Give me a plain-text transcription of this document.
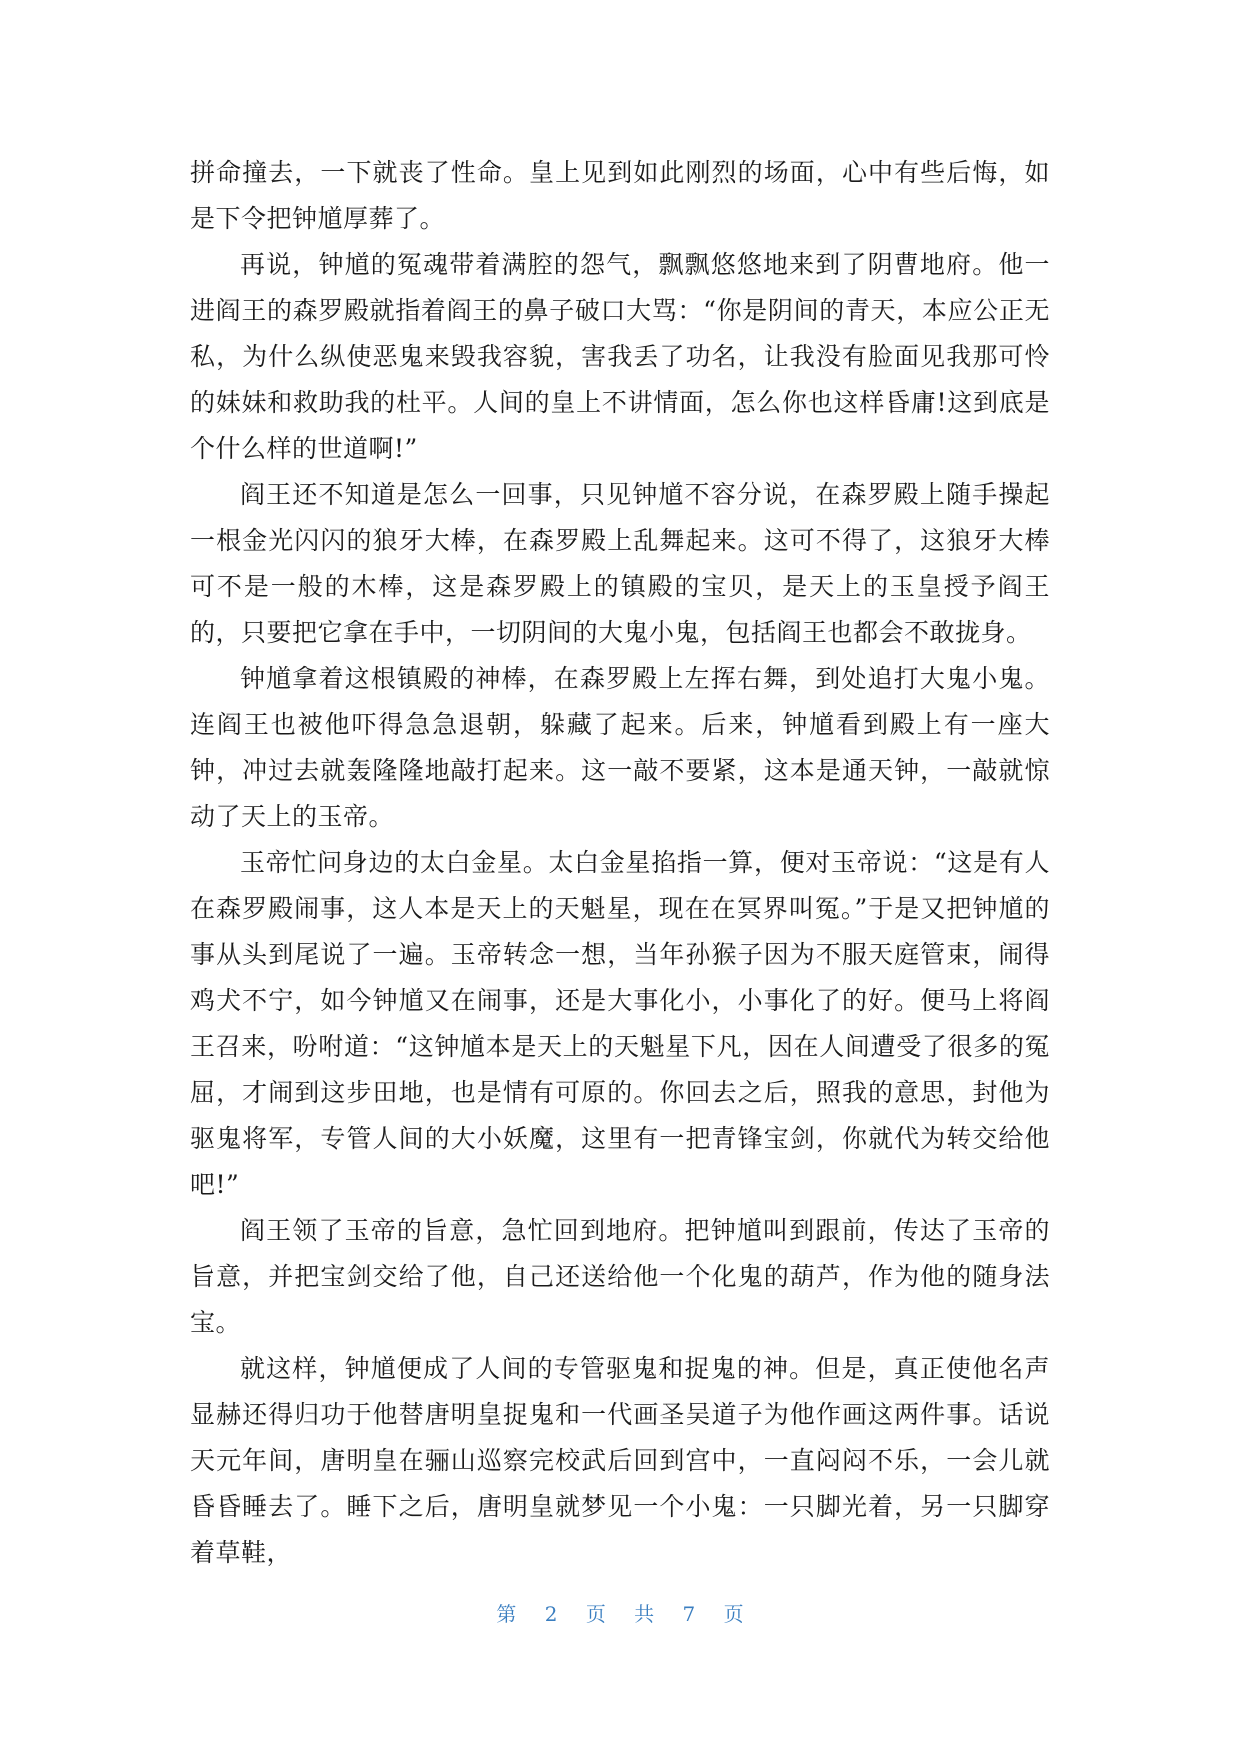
拼命撞去，一下就丧了性命。皇上见到如此刚烈的场面，心中有些后悔，如是下令把钟馗厚葬了。

再说，钟馗的冤魂带着满腔的怨气，飘飘悠悠地来到了阴曹地府。他一进阎王的森罗殿就指着阎王的鼻子破口大骂：“你是阴间的青天，本应公正无私，为什么纵使恶鬼来毁我容貌，害我丢了功名，让我没有脸面见我那可怜的妹妹和救助我的杜平。人间的皇上不讲情面，怎么你也这样昏庸!这到底是个什么样的世道啊!”

阎王还不知道是怎么一回事，只见钟馗不容分说，在森罗殿上随手操起一根金光闪闪的狼牙大棒，在森罗殿上乱舞起来。这可不得了，这狼牙大棒可不是一般的木棒，这是森罗殿上的镇殿的宝贝，是天上的玉皇授予阎王的，只要把它拿在手中，一切阴间的大鬼小鬼，包括阎王也都会不敢拢身。

钟馗拿着这根镇殿的神棒，在森罗殿上左挥右舞，到处追打大鬼小鬼。连阎王也被他吓得急急退朝，躲藏了起来。后来，钟馗看到殿上有一座大钟，冲过去就轰隆隆地敲打起来。这一敲不要紧，这本是通天钟，一敲就惊动了天上的玉帝。

玉帝忙问身边的太白金星。太白金星掐指一算，便对玉帝说：“这是有人在森罗殿闹事，这人本是天上的天魁星，现在在冥界叫冤。”于是又把钟馗的事从头到尾说了一遍。玉帝转念一想，当年孙猴子因为不服天庭管束，闹得鸡犬不宁，如今钟馗又在闹事，还是大事化小，小事化了的好。便马上将阎王召来，吩咐道：“这钟馗本是天上的天魁星下凡，因在人间遭受了很多的冤屈，才闹到这步田地，也是情有可原的。你回去之后，照我的意思，封他为驱鬼将军，专管人间的大小妖魔，这里有一把青锋宝剑，你就代为转交给他吧!”

阎王领了玉帝的旨意，急忙回到地府。把钟馗叫到跟前，传达了玉帝的旨意，并把宝剑交给了他，自己还送给他一个化鬼的葫芦，作为他的随身法宝。

就这样，钟馗便成了人间的专管驱鬼和捉鬼的神。但是，真正使他名声显赫还得归功于他替唐明皇捉鬼和一代画圣吴道子为他作画这两件事。话说天元年间，唐明皇在骊山巡察完校武后回到宫中，一直闷闷不乐，一会儿就昏昏睡去了。睡下之后，唐明皇就梦见一个小鬼：一只脚光着，另一只脚穿着草鞋，

第 2 页 共 7 页
